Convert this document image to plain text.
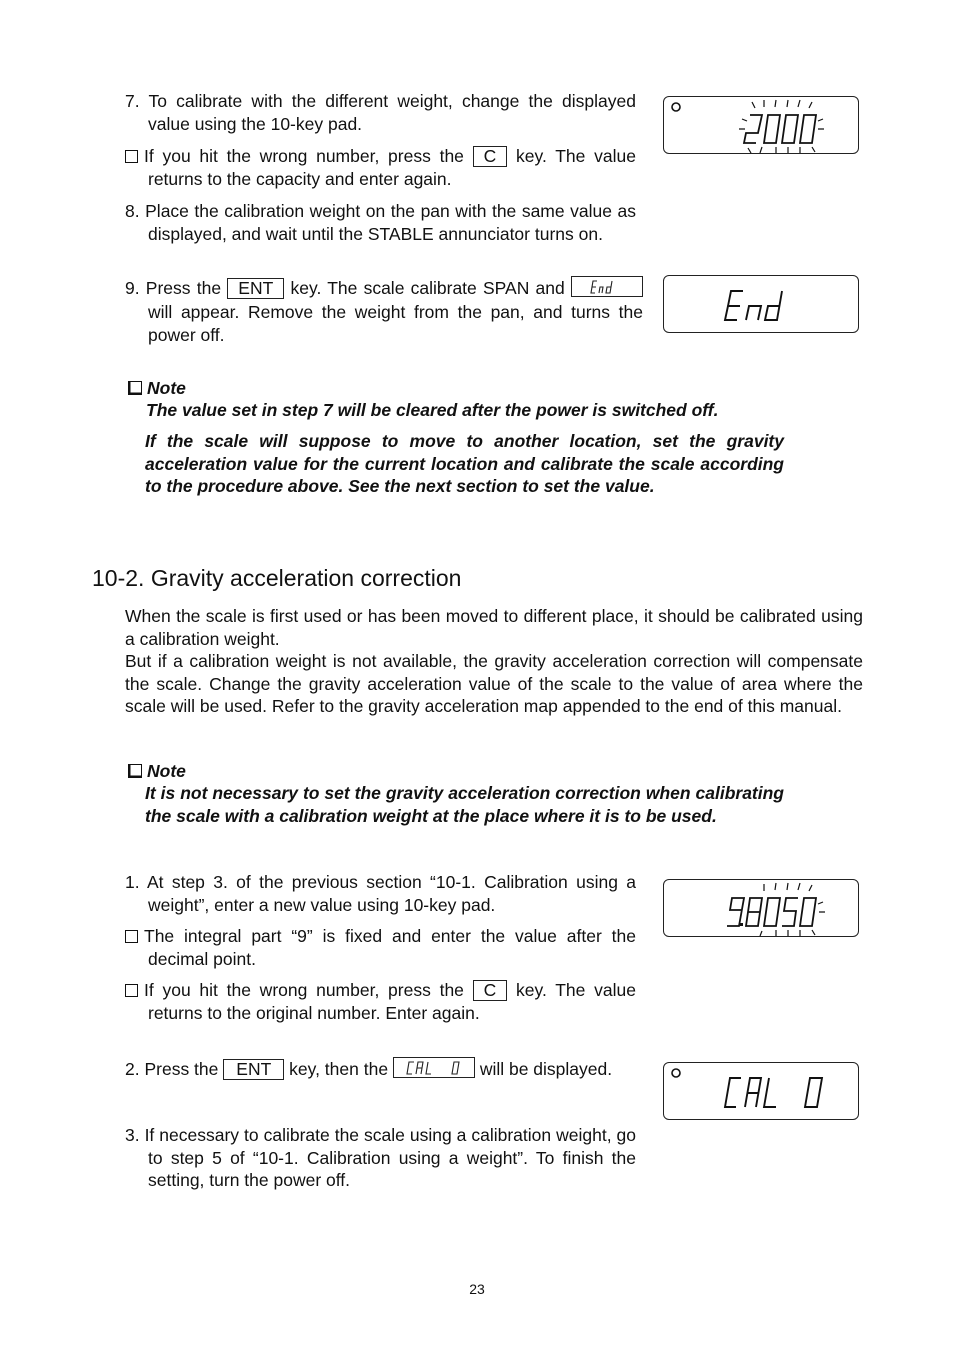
7. To calibrate with the different weight, change the displayed value using the 10-key pad.
If you hit the wrong number, press the C key. The value returns to the capacity and enter again.
8. Place the calibration weight on the pan with the same value as displayed, and wait until the STABLE annunciator turns on.
9. Press the ENT key. The scale calibrate SPAN and
will appear. Remove the weight from the pan, and turns the power off.
Note
The value set in step 7 will be cleared after the power is switched off.
If the scale will suppose to move to another location, set the gravity acceleration value for the current location and calibrate the scale according to the procedure above. See the next section to set the value.
10-2. Gravity acceleration correction
When the scale is first used or has been moved to different place, it should be calibrated using a calibration weight.
But if a calibration weight is not available, the gravity acceleration correction will compensate the scale. Change the gravity acceleration value of the scale to the value of area where the scale will be used. Refer to the gravity acceleration map appended to the end of this manual.
Note
It is not necessary to set the gravity acceleration correction when calibrating the scale with a calibration weight at the place where it is to be used.
1. At step 3. of the previous section “10-1. Calibration using a weight”, enter a new value using 10-key pad.
The integral part “9” is fixed and enter the value after the decimal point.
If you hit the wrong number, press the C key. The value returns to the original number. Enter again.
2. Press the ENT key, then the	will be displayed.
3. If necessary to calibrate the scale using a calibration weight, go to step 5 of “10-1. Calibration using a weight”. To finish the setting, turn the power off.
23
